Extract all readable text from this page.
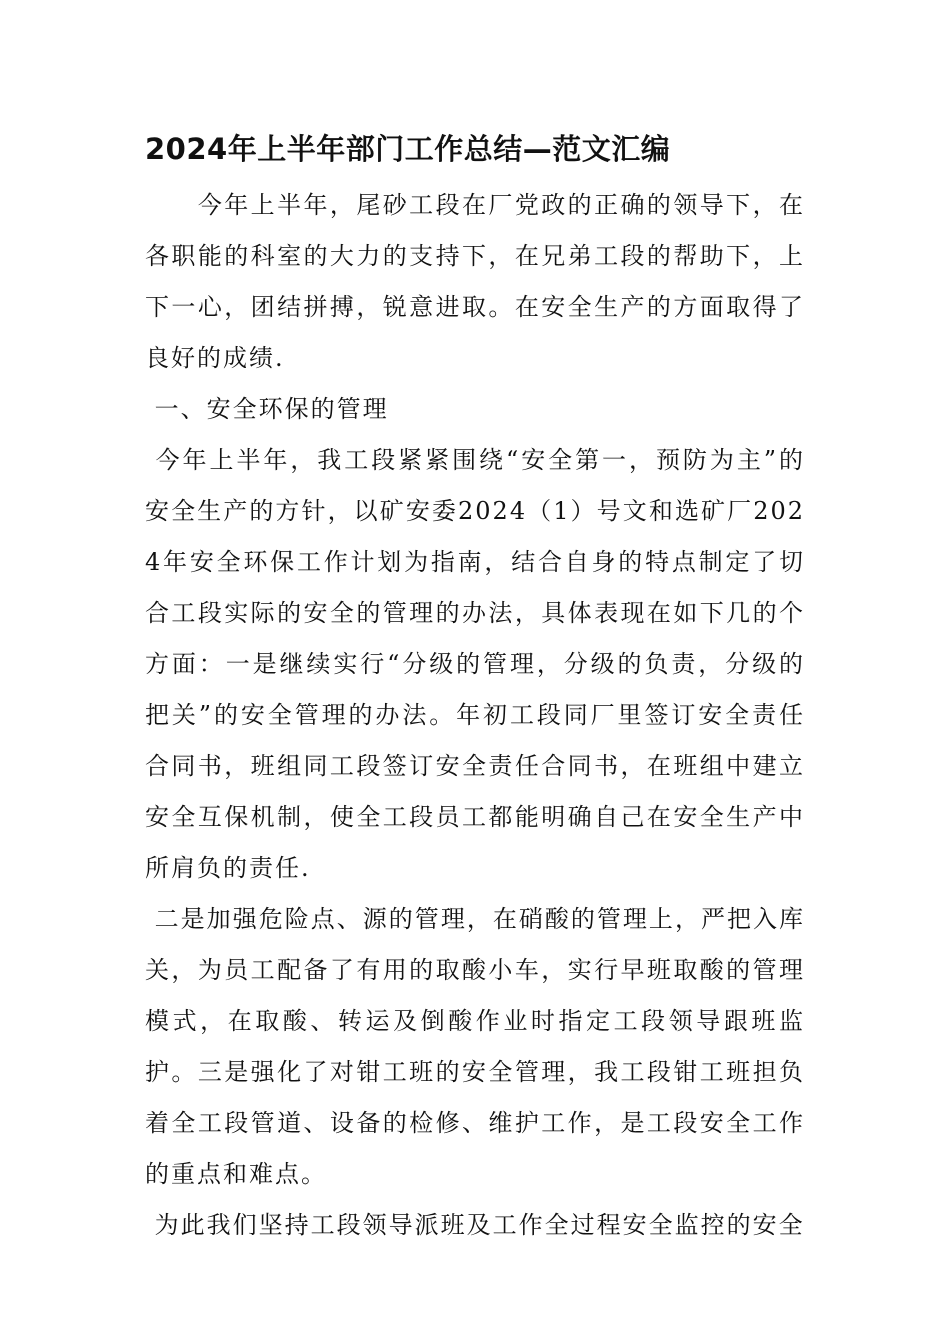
2024年上半年部门工作总结—范文汇编

　　今年上半年，尾砂工段在厂党政的正确的领导下，在各职能的科室的大力的支持下，在兄弟工段的帮助下，上下一心，团结拼搏，锐意进取。在安全生产的方面取得了良好的成绩.

一、安全环保的管理

今年上半年，我工段紧紧围绕“安全第一，预防为主”的安全生产的方针，以矿安委2024（1）号文和选矿厂2024年安全环保工作计划为指南，结合自身的特点制定了切合工段实际的安全的管理的办法，具体表现在如下几的个方面：一是继续实行“分级的管理，分级的负责，分级的把关”的安全管理的办法。年初工段同厂里签订安全责任合同书，班组同工段签订安全责任合同书，在班组中建立安全互保机制，使全工段员工都能明确自己在安全生产中所肩负的责任.

二是加强危险点、源的管理，在硝酸的管理上，严把入库关，为员工配备了有用的取酸小车，实行早班取酸的管理模式，在取酸、转运及倒酸作业时指定工段领导跟班监护。三是强化了对钳工班的安全管理，我工段钳工班担负着全工段管道、设备的检修、维护工作，是工段安全工作的重点和难点。

为此我们坚持工段领导派班及工作全过程安全监控的安全
